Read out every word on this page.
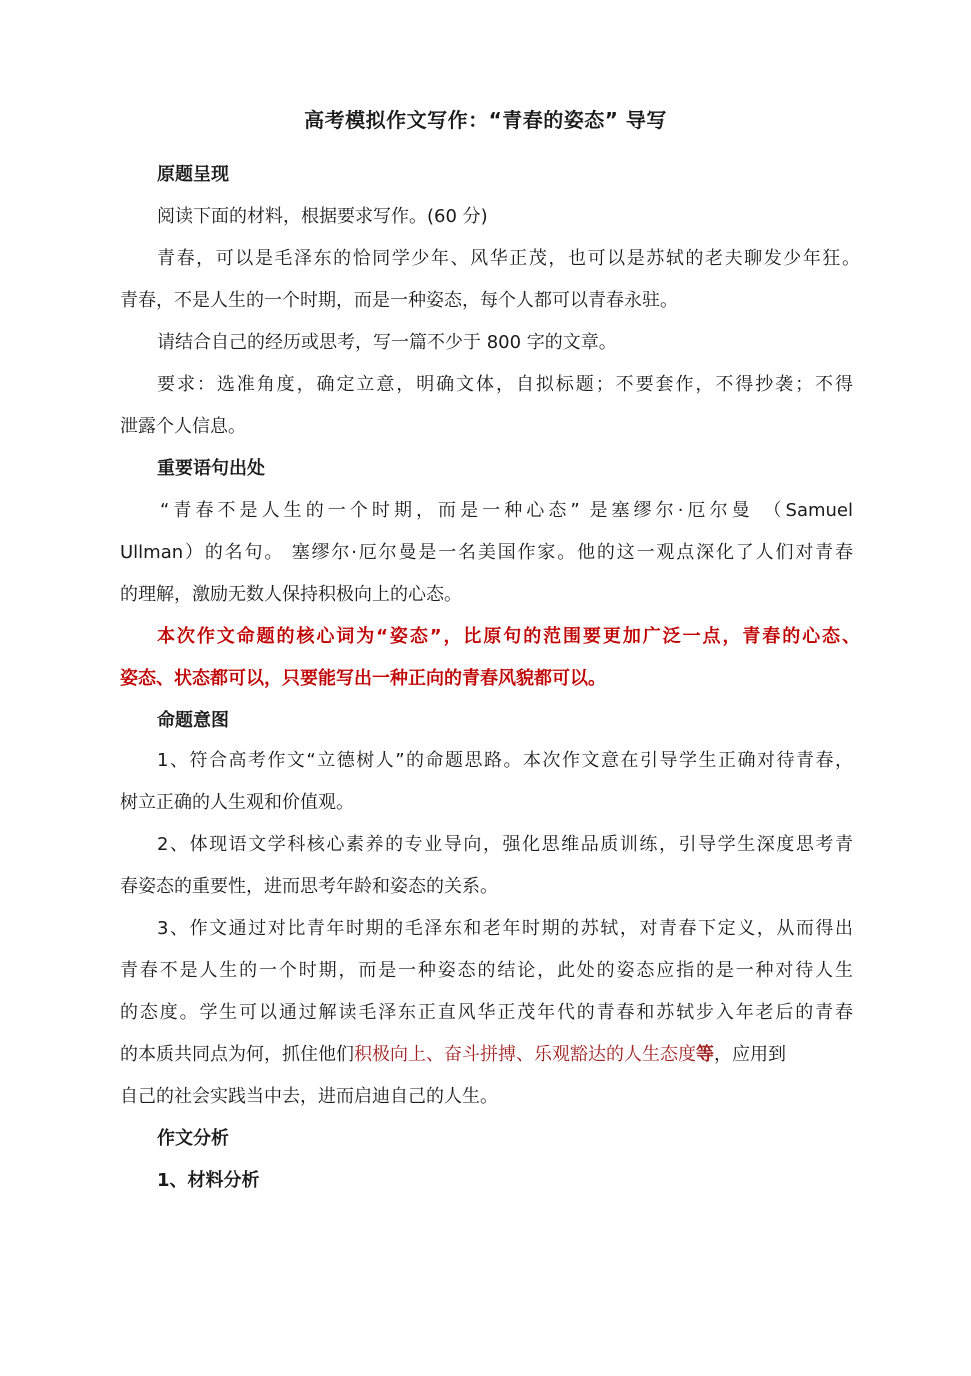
高考模拟作文写作：“青春的姿态” 导写
原题呈现
阅读下面的材料，根据要求写作。(60 分)
青春，可以是毛泽东的恰同学少年、风华正茂，也可以是苏轼的老夫聊发少年狂。
青春，不是人生的一个时期，而是一种姿态，每个人都可以青春永驻。
请结合自己的经历或思考，写一篇不少于 800 字的文章。
要求：选准角度，确定立意，明确文体，自拟标题；不要套作，不得抄袭；不得
泄露个人信息。
重要语句出处
“青春不是人生的一个时期，而是一种心态” 是塞缪尔·厄尔曼 （Samuel
Ullman）的名句。 塞缪尔·厄尔曼是一名美国作家。他的这一观点深化了人们对青春
的理解，激励无数人保持积极向上的心态。
本次作文命题的核心词为“姿态”，比原句的范围要更加广泛一点，青春的心态、
姿态、状态都可以，只要能写出一种正向的青春风貌都可以。
命题意图
1、符合高考作文“立德树人”的命题思路。本次作文意在引导学生正确对待青春，
树立正确的人生观和价值观。
2、体现语文学科核心素养的专业导向，强化思维品质训练，引导学生深度思考青
春姿态的重要性，进而思考年龄和姿态的关系。
3、作文通过对比青年时期的毛泽东和老年时期的苏轼，对青春下定义，从而得出
青春不是人生的一个时期，而是一种姿态的结论，此处的姿态应指的是一种对待人生
的态度。学生可以通过解读毛泽东正直风华正茂年代的青春和苏轼步入年老后的青春
的本质共同点为何，抓住他们积极向上、奋斗拼搏、乐观豁达的人生态度等，应用到
自己的社会实践当中去，进而启迪自己的人生。
作文分析
1、材料分析
